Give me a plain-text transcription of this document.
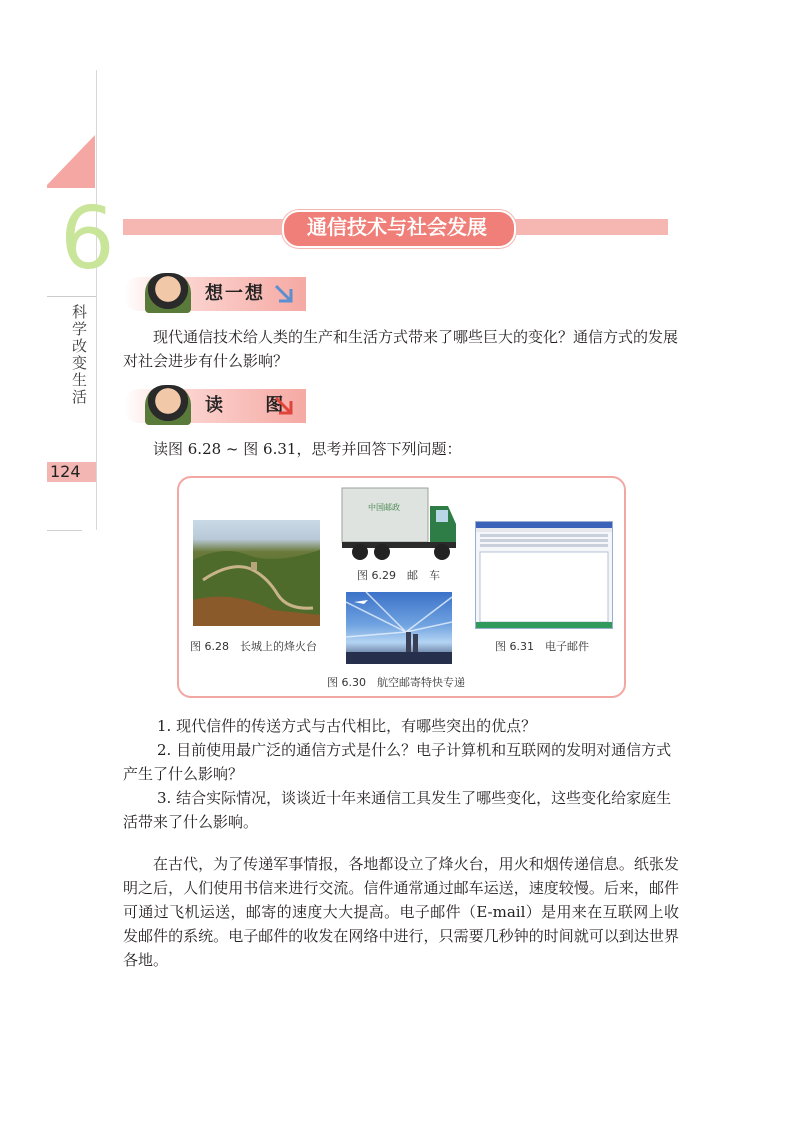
6
科学改变生活
124
通信技术与社会发展
想一想
现代通信技术给人类的生产和生活方式带来了哪些巨大的变化？通信方式的发展对社会进步有什么影响？
读 图
读图 6.28 ~ 图 6.31，思考并回答下列问题：
图 6.28　长城上的烽火台
中国邮政
图 6.29　邮　车
图 6.30　航空邮寄特快专递
图 6.31　电子邮件
1. 现代信件的传送方式与古代相比，有哪些突出的优点？
2. 目前使用最广泛的通信方式是什么？电子计算机和互联网的发明对通信方式产生了什么影响？
3. 结合实际情况，谈谈近十年来通信工具发生了哪些变化，这些变化给家庭生活带来了什么影响。
在古代，为了传递军事情报，各地都设立了烽火台，用火和烟传递信息。纸张发明之后，人们使用书信来进行交流。信件通常通过邮车运送，速度较慢。后来，邮件可通过飞机运送，邮寄的速度大大提高。电子邮件（E-mail）是用来在互联网上收发邮件的系统。电子邮件的收发在网络中进行，只需要几秒钟的时间就可以到达世界各地。
